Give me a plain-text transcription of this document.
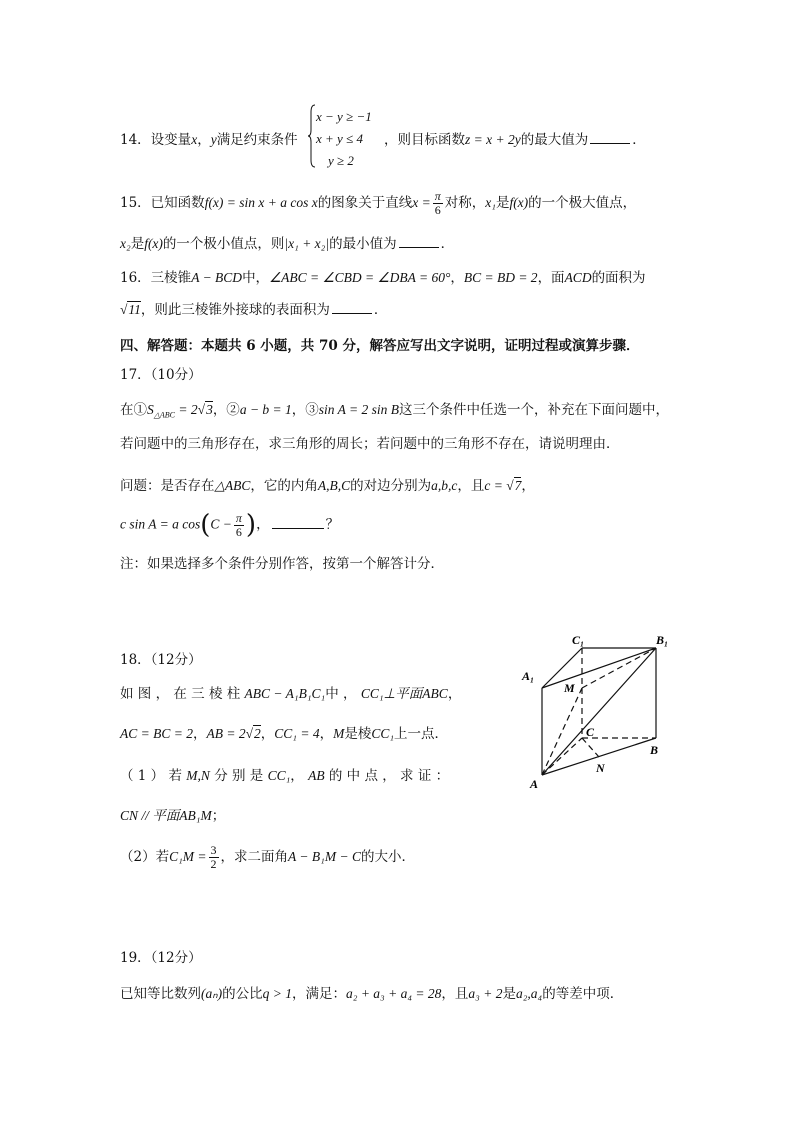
14．设变量x，y满足约束条件
x − y ≥ −1
x + y ≤ 4
y ≥ 2
，则目标函数z = x + 2y的最大值为	．
15．已知函数f(x) = sin x + a cos x的图象关于直线$x = \frac{\pi}{6}$ 对称，x₁是f(x)的一个极大值点，
x₂是f(x)的一个极小值点，则|x₁ + x₂|的最小值为	．
16．三棱锥A − BCD中，∠ABC = ∠CBD = ∠DBA = 60°，BC = BD = 2，面ACD的面积为
√11，则此三棱锥外接球的表面积为	．
四、解答题：本题共 6 小题，共 70 分，解答应写出文字说明，证明过程或演算步骤．
17．（10分）
在$①S_{\triangle ABC} = 2√3$，②a − b = 1，③sin A = 2 sin B这三个条件中任选一个，补充在下面问题中，
若问题中的三角形存在，求三角形的周长；若问题中的三角形不存在，请说明理由．
问题：是否存在△ABC，它的内角A,B,C的对边分别为a,b,c，且c = √7，
c sin A = a $\cos(C - \frac{\pi}{6}$ )，	？
注：如果选择多个条件分别作答，按第一个解答计分．
18．（12分）
如 图 ， 在 三 棱 柱 ABC − A₁B₁C₁中 ， CC₁⊥平面ABC，
AC = BC = 2，AB = 2√2，CC₁ = 4，M是棱CC₁上一点．
（ 1 ） 若 M,N 分 别 是 CC₁， AB 的 中 点 ， 求 证 ：
CN // 平面AB₁M；
（2）若$C_1M = \frac{3}{2}$ ，求二面角A − B₁M − C的大小．
C₁	B₁
A₁
M
C
B
N
A
19．（12分）
已知等比数列(aₙ)的公比q > 1，满足：a₂ + a₃ + a₄ = 28，且a₃ + 2是a₂,a₄的等差中项．
